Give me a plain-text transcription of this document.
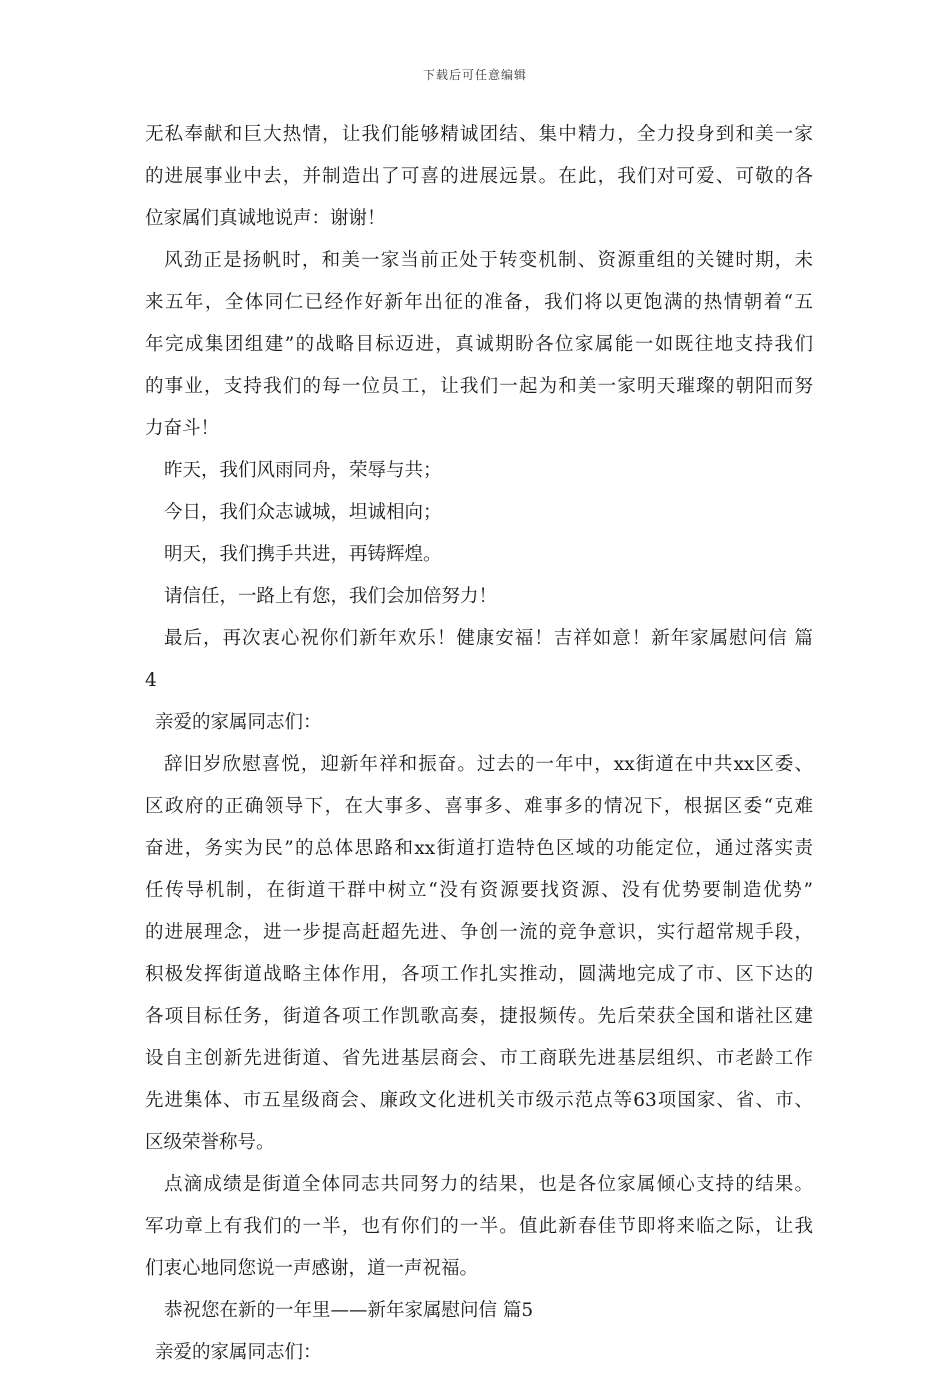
下载后可任意编辑
无私奉献和巨大热情，让我们能够精诚团结、集中精力，全力投身到和美一家
的进展事业中去，并制造出了可喜的进展远景。在此，我们对可爱、可敬的各
位家属们真诚地说声：谢谢！
风劲正是扬帆时，和美一家当前正处于转变机制、资源重组的关键时期，未
来五年，全体同仁已经作好新年出征的准备，我们将以更饱满的热情朝着“五
年完成集团组建”的战略目标迈进，真诚期盼各位家属能一如既往地支持我们
的事业，支持我们的每一位员工，让我们一起为和美一家明天璀璨的朝阳而努
力奋斗！
昨天，我们风雨同舟，荣辱与共；
今日，我们众志诚城，坦诚相向；
明天，我们携手共进，再铸辉煌。
请信任，一路上有您，我们会加倍努力！
最后，再次衷心祝你们新年欢乐！健康安福！吉祥如意！新年家属慰问信 篇
4
亲爱的家属同志们：
辞旧岁欣慰喜悦，迎新年祥和振奋。过去的一年中，xx街道在中共xx区委、
区政府的正确领导下，在大事多、喜事多、难事多的情况下，根据区委“克难
奋进，务实为民”的总体思路和xx街道打造特色区域的功能定位，通过落实责
任传导机制，在街道干群中树立“没有资源要找资源、没有优势要制造优势”
的进展理念，进一步提高赶超先进、争创一流的竞争意识，实行超常规手段，
积极发挥街道战略主体作用，各项工作扎实推动，圆满地完成了市、区下达的
各项目标任务，街道各项工作凯歌高奏，捷报频传。先后荣获全国和谐社区建
设自主创新先进街道、省先进基层商会、市工商联先进基层组织、市老龄工作
先进集体、市五星级商会、廉政文化进机关市级示范点等63项国家、省、市、
区级荣誉称号。
点滴成绩是街道全体同志共同努力的结果，也是各位家属倾心支持的结果。
军功章上有我们的一半，也有你们的一半。值此新春佳节即将来临之际，让我
们衷心地同您说一声感谢，道一声祝福。
恭祝您在新的一年里——新年家属慰问信 篇5
亲爱的家属同志们：
